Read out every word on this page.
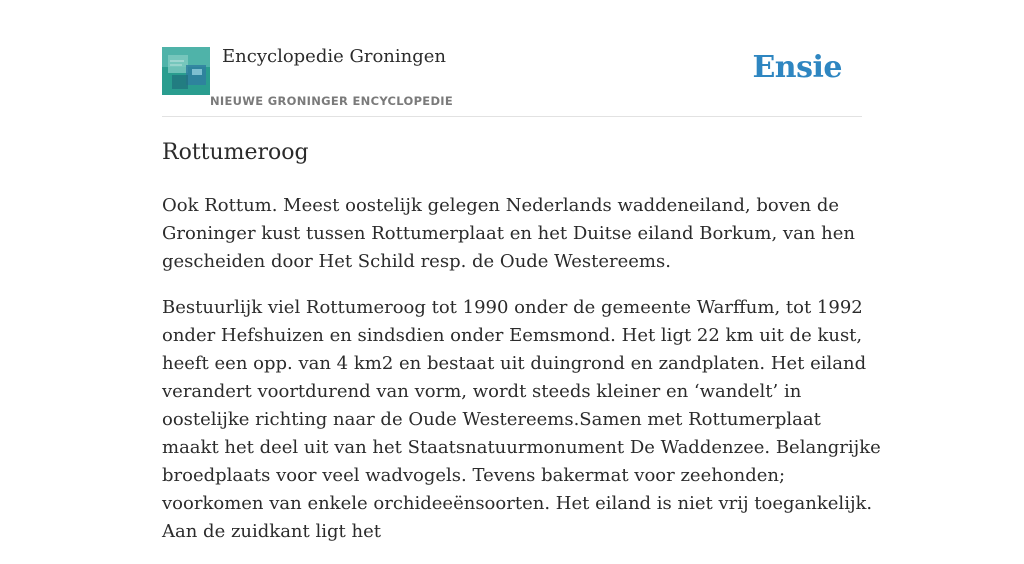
Encyclopedie Groningen
NIEUWE GRONINGER ENCYCLOPEDIE
Ensie
Rottumeroog

Ook Rottum. Meest oostelijk gelegen Nederlands waddeneiland, boven de Groninger kust tussen Rottumerplaat en het Duitse eiland Borkum, van hen gescheiden door Het Schild resp. de Oude Westereems.

Bestuurlijk viel Rottumeroog tot 1990 onder de gemeente Warffum, tot 1992 onder Hefshuizen en sindsdien onder Eemsmond. Het ligt 22 km uit de kust, heeft een opp. van 4 km2 en bestaat uit duingrond en zandplaten. Het eiland verandert voortdurend van vorm, wordt steeds kleiner en ‘wandelt’ in oostelijke richting naar de Oude Westereems.Samen met Rottumerplaat maakt het deel uit van het Staatsnatuurmonument De Waddenzee. Belangrijke broedplaats voor veel wadvogels. Tevens bakermat voor zeehonden; voorkomen van enkele orchideeënsoorten. Het eiland is niet vrij toegankelijk. Aan de zuidkant ligt het
